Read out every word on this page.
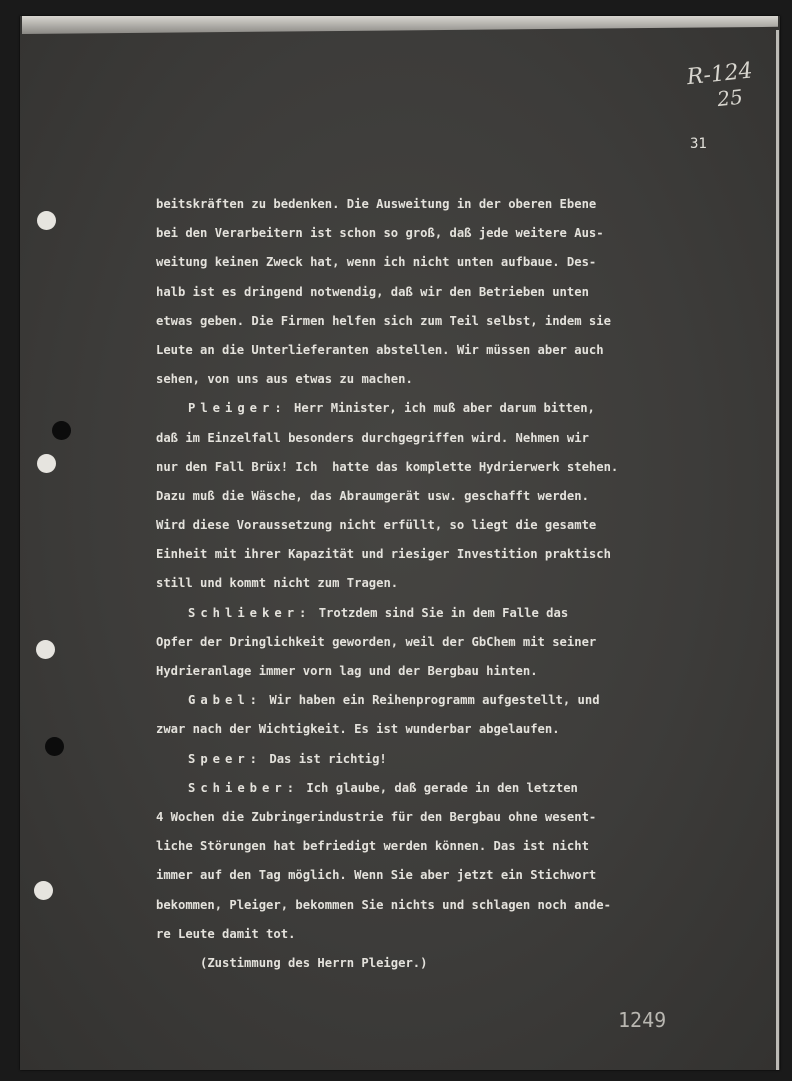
R-124
25
31
beitskräften zu bedenken. Die Ausweitung in der oberen Ebene
bei den Verarbeitern ist schon so groß, daß jede weitere Aus-
weitung keinen Zweck hat, wenn ich nicht unten aufbaue. Des-
halb ist es dringend notwendig, daß wir den Betrieben unten
etwas geben. Die Firmen helfen sich zum Teil selbst, indem sie
Leute an die Unterlieferanten abstellen. Wir müssen aber auch
sehen, von uns aus etwas zu machen.
Pleiger: Herr Minister, ich muß aber darum bitten,
daß im Einzelfall besonders durchgegriffen wird. Nehmen wir
nur den Fall Brüx! Ich  hatte das komplette Hydrierwerk stehen.
Dazu muß die Wäsche, das Abraumgerät usw. geschafft werden.
Wird diese Voraussetzung nicht erfüllt, so liegt die gesamte
Einheit mit ihrer Kapazität und riesiger Investition praktisch
still und kommt nicht zum Tragen.
Schlieker: Trotzdem sind Sie in dem Falle das
Opfer der Dringlichkeit geworden, weil der GbChem mit seiner
Hydrieranlage immer vorn lag und der Bergbau hinten.
Gabel: Wir haben ein Reihenprogramm aufgestellt, und
zwar nach der Wichtigkeit. Es ist wunderbar abgelaufen.
Speer: Das ist richtig!
Schieber: Ich glaube, daß gerade in den letzten
4 Wochen die Zubringerindustrie für den Bergbau ohne wesent-
liche Störungen hat befriedigt werden können. Das ist nicht
immer auf den Tag möglich. Wenn Sie aber jetzt ein Stichwort
bekommen, Pleiger, bekommen Sie nichts und schlagen noch ande-
re Leute damit tot.
(Zustimmung des Herrn Pleiger.)
1249
